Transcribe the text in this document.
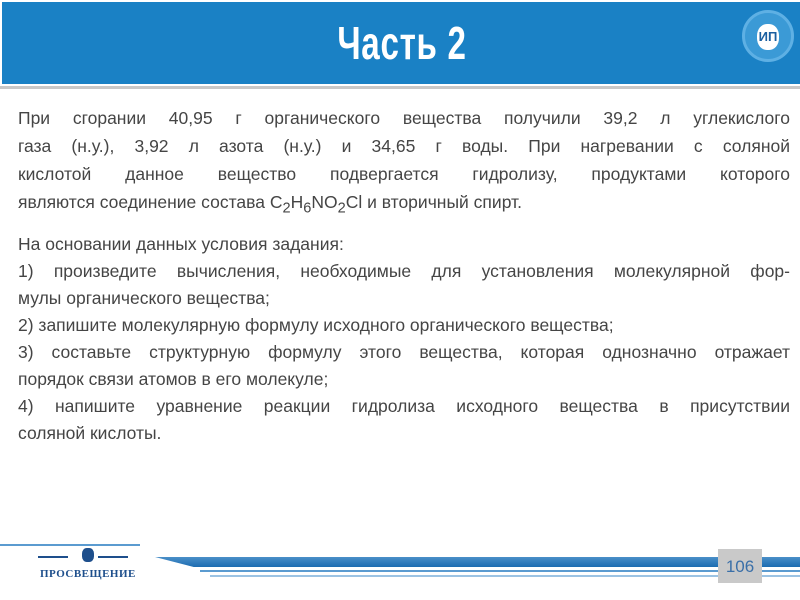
Часть 2	ИП
При сгорании 40,95 г органического вещества получили 39,2 л углекислого
газа (н.у.), 3,92 л азота (н.у.) и 34,65 г воды. При нагревании с соляной
кислотой данное вещество подвергается гидролизу, продуктами которого
являются соединение состава $C_2H_6NO_2Cl$ и вторичный спирт.
На основании данных условия задания:
1) произведите вычисления, необходимые для установления молекулярной фор-
мулы органического вещества;
2) запишите молекулярную формулу исходного органического вещества;
3) составьте структурную формулу этого вещества, которая однозначно отражает
порядок связи атомов в его молекуле;
4) напишите уравнение реакции гидролиза исходного вещества в присутствии
соляной кислоты.
ПРОСВЕЩЕНИЕ	106
